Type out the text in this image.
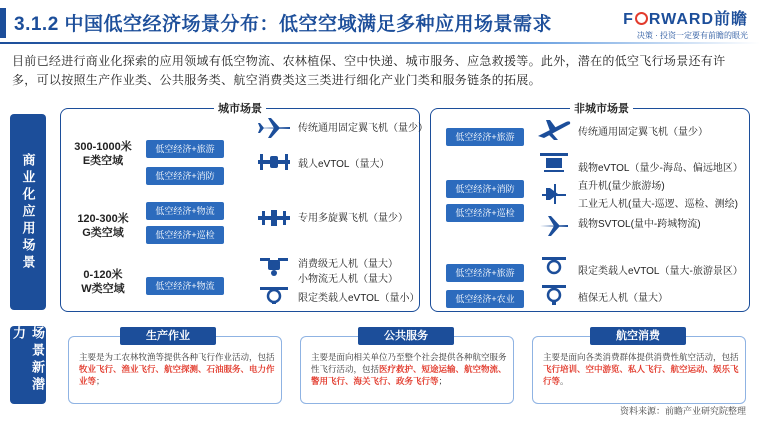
3.1.2 中国低空经济场景分布：低空空域满足多种应用场景需求	F RWARD前瞻
决策 · 投资一定要有前瞻的眼光
目前已经进行商业化探索的应用领域有低空物流、农林植保、空中快递、城市服务、应急救援等。此外，潜在的低空飞行场景还有许多，可以按照生产作业类、公共服务类、航空消费类这三类进行细化产业门类和服务链条的拓展。
商业化应用场景
场景新潜力
城市场景	非城市场景
300-1000米
E类空域
120-300米
G类空域
0-120米
W类空域
低空经济+旅游
低空经济+消防
低空经济+物流
低空经济+巡检
低空经济+物流
传统通用固定翼飞机（量少）
载人eVTOL（量大）
专用多旋翼飞机（量少）
消费级无人机（量大）
小物流无人机（量大）
限定类载人eVTOL（量小）
低空经济+旅游
低空经济+消防
低空经济+巡检
低空经济+旅游
低空经济+农业
传统通用固定翼飞机（量少）
载物eVTOL（量少-海岛、偏远地区）
直升机(量少旅游场)
工业无人机(量大-巡逻、巡检、测绘)
载物SVTOL(量中-跨城物流)
限定类载人eVTOL（量大-旅游景区）
植保无人机（量大）
主要是为工农林牧渔等提供各种飞行作业活动，包括牧业飞行、渔业飞行、航空探测、石油服务、电力作业等；
生产作业
主要是面向相关单位乃至整个社会提供各种航空服务性飞行活动，包括医疗救护、短途运输、航空物流、警用飞行、海关飞行、政务飞行等；
公共服务
主要是面向各类消费群体提供消费性航空活动，包括飞行培训、空中游览、私人飞行、航空运动、娱乐飞行等。
航空消费
资料来源：前瞻产业研究院整理
